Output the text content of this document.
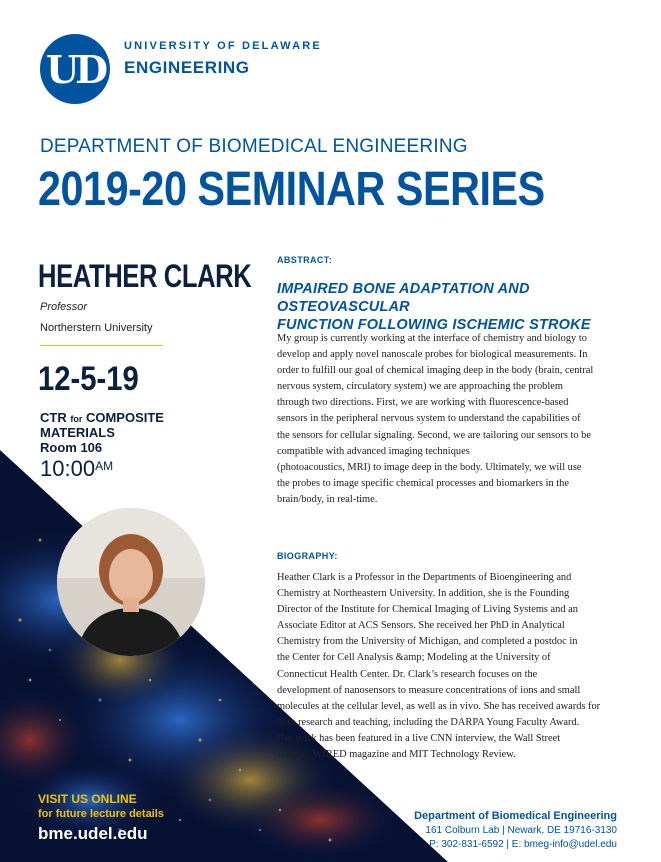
UD
UNIVERSITY OF DELAWARE
ENGINEERING
DEPARTMENT OF BIOMEDICAL ENGINEERING
2019-20 SEMINAR SERIES
HEATHER CLARK
Professor
Northerstern University
12-5-19
CTR for COMPOSITE
MATERIALS
Room 106
$10:00^{AM}$
VISIT US ONLINE
for future lecture details
bme.udel.edu
ABSTRACT:
IMPAIRED BONE ADAPTATION AND OSTEOVASCULAR
FUNCTION FOLLOWING ISCHEMIC STROKE
My group is currently working at the interface of chemistry and biology to
develop and apply novel nanoscale probes for biological measurements. In
order to fulfill our goal of chemical imaging deep in the body (brain, central
nervous system, circulatory system) we are approaching the problem
through two directions. First, we are working with fluorescence-based
sensors in the peripheral nervous system to understand the capabilities of
the sensors for cellular signaling. Second, we are tailoring our sensors to be
compatible with advanced imaging techniques
(photoacoustics, MRI) to image deep in the body. Ultimately, we will use
the probes to image specific chemical processes and biomarkers in the
brain/body, in real-time.
BIOGRAPHY:
Heather Clark is a Professor in the Departments of Bioengineering and
Chemistry at Northeastern University. In addition, she is the Founding
Director of the Institute for Chemical Imaging of Living Systems and an
Associate Editor at ACS Sensors. She received her PhD in Analytical
Chemistry from the University of Michigan, and completed a postdoc in
the Center for Cell Analysis &amp; Modeling at the University of
Connecticut Health Center. Dr. Clark’s research focuses on the
development of nanosensors to measure concentrations of ions and small
molecules at the cellular level, as well as in vivo. She has received awards for
both research and teaching, including the DARPA Young Faculty Award.
Her work has been featured in a live CNN interview, the Wall Street
Journal, WIRED magazine and MIT Technology Review.
Department of Biomedical Engineering
161 Colburn Lab | Newark, DE 19716-3130
P: 302-831-6592 | E: bmeg-info@udel.edu
